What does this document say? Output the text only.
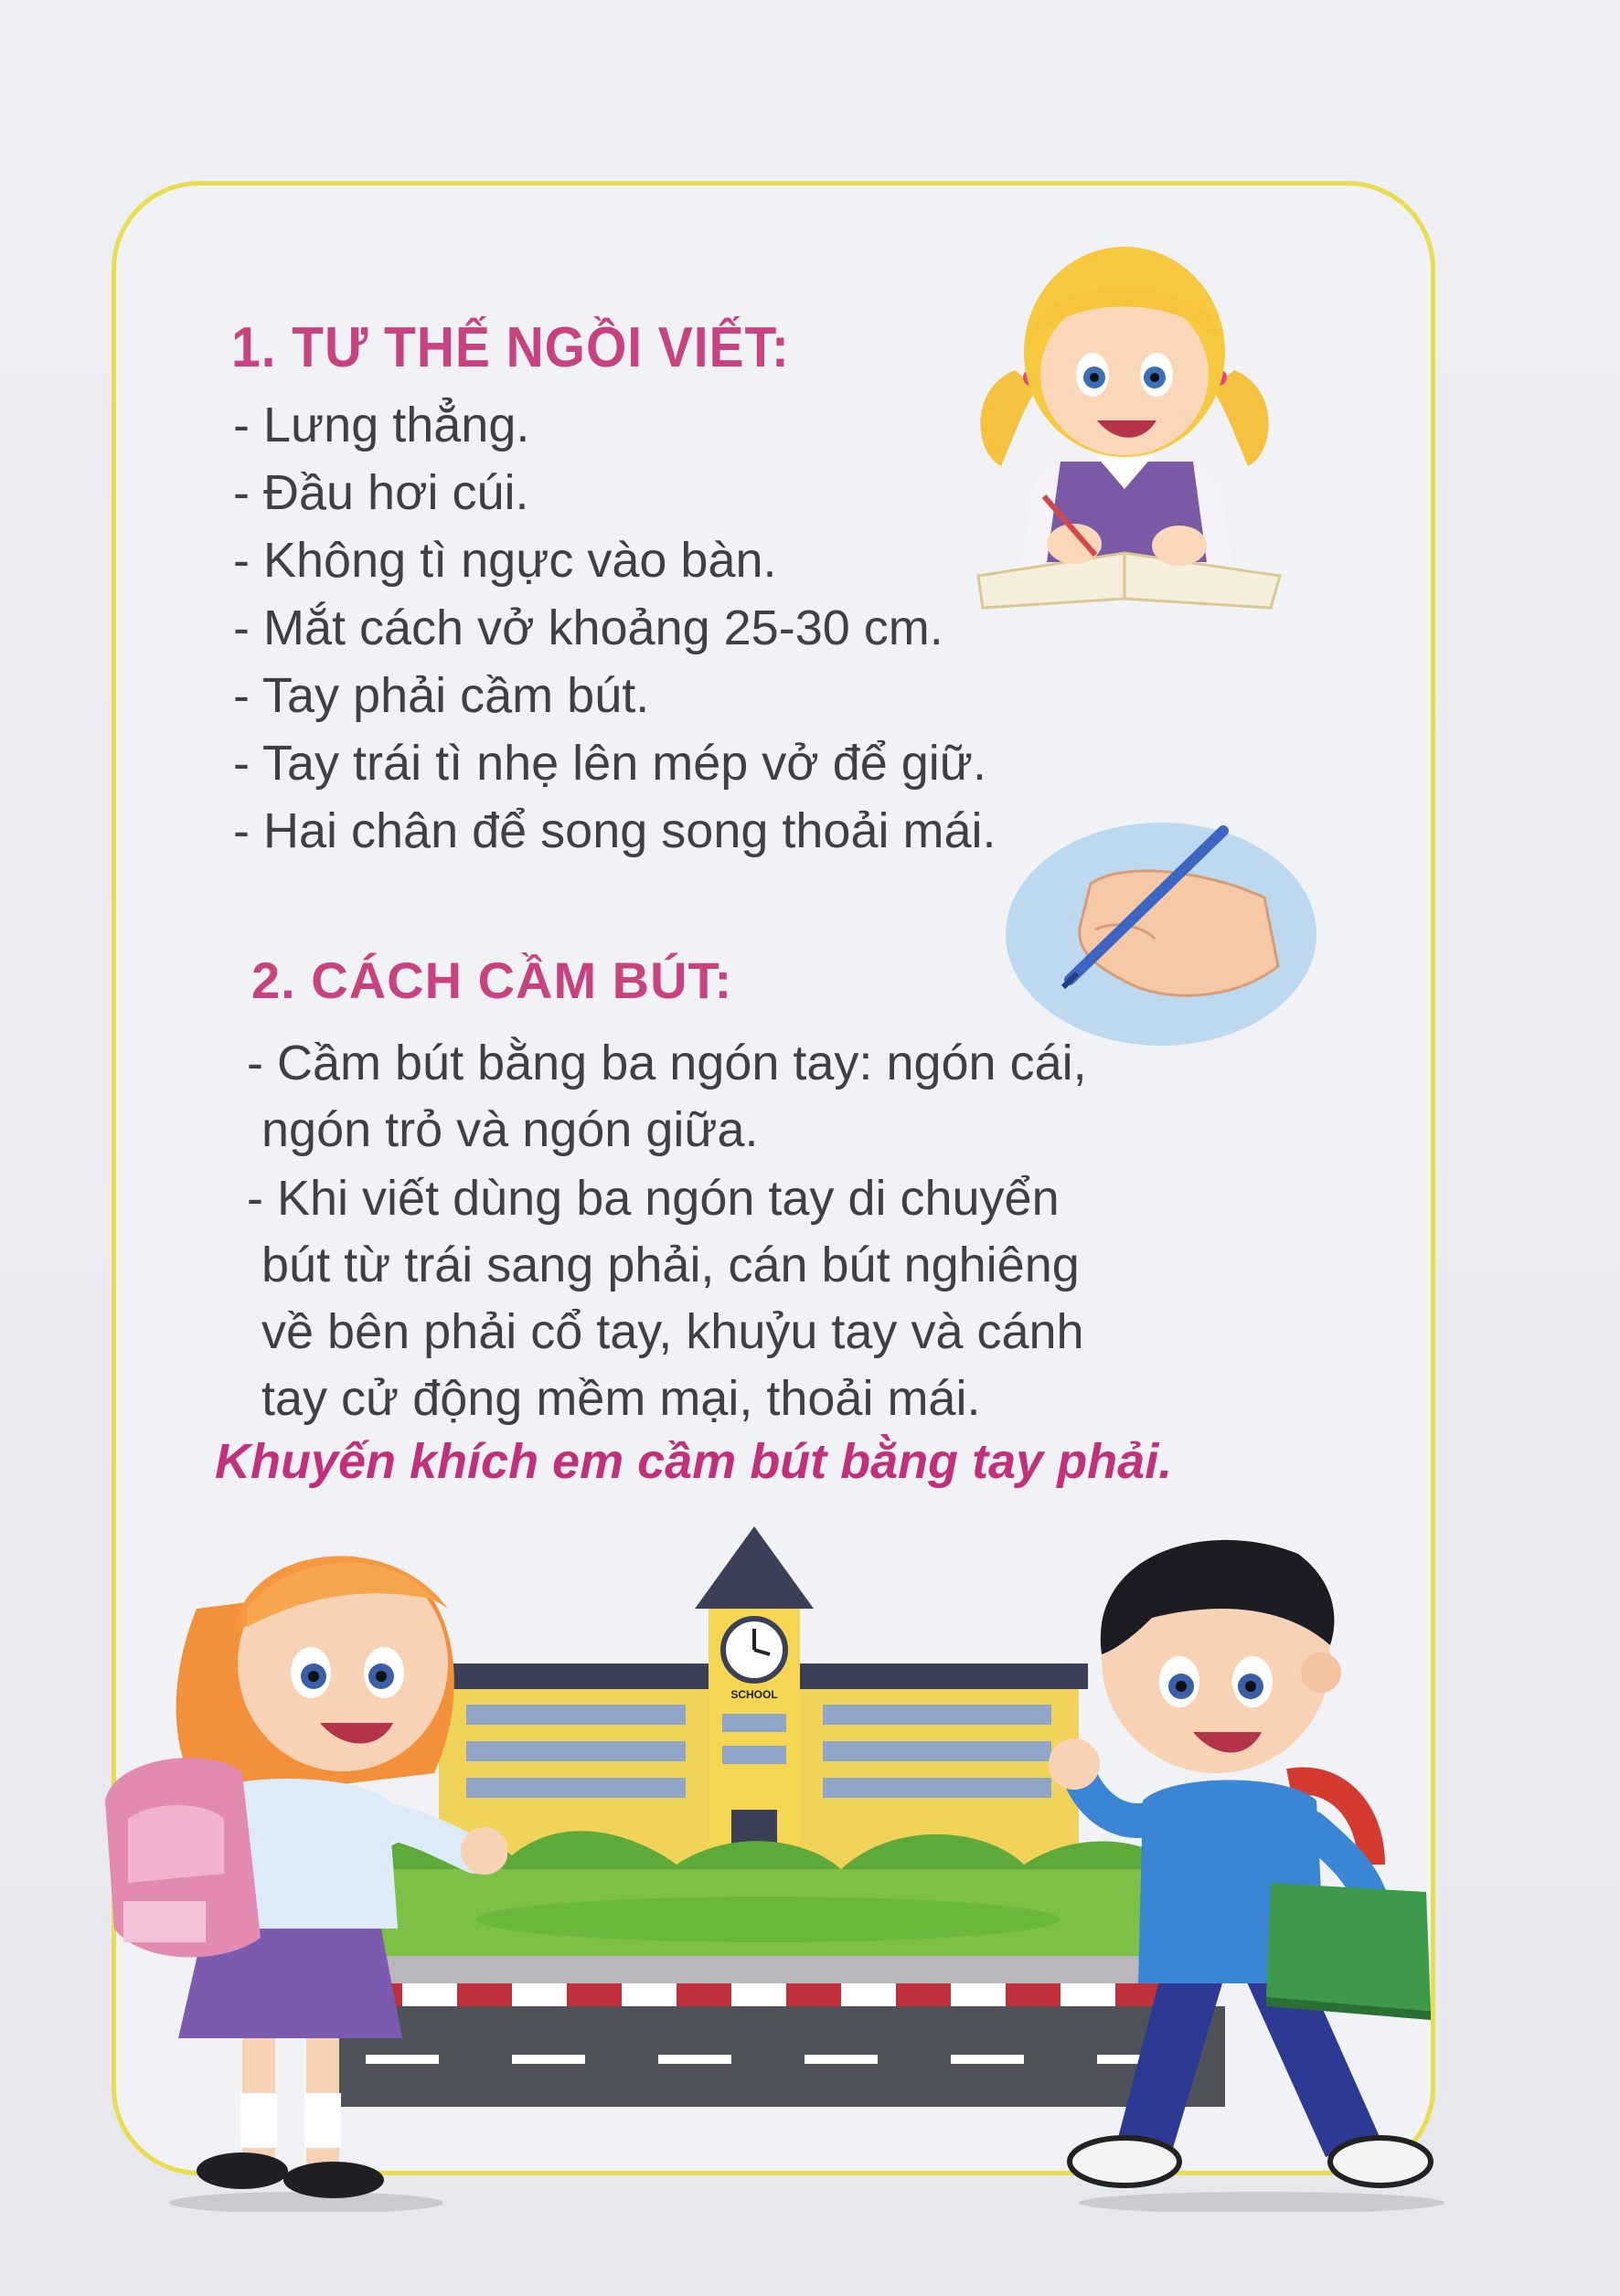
1. TƯ THẾ NGỒI VIẾT:
- Lưng thẳng.
- Đầu hơi cúi.
- Không tì ngực vào bàn.
- Mắt cách vở khoảng 25-30 cm.
- Tay phải cầm bút.
- Tay trái tì nhẹ lên mép vở để giữ.
- Hai chân để song song thoải mái.
2. CÁCH CẦM BÚT:
- Cầm bút bằng ba ngón tay: ngón cái,
ngón trỏ và ngón giữa.
- Khi viết dùng ba ngón tay di chuyển
bút từ trái sang phải, cán bút nghiêng
về bên phải cổ tay, khuỷu tay và cánh
tay cử động mềm mại, thoải mái.
Khuyến khích em cầm bút bằng tay phải.
SCHOOL
